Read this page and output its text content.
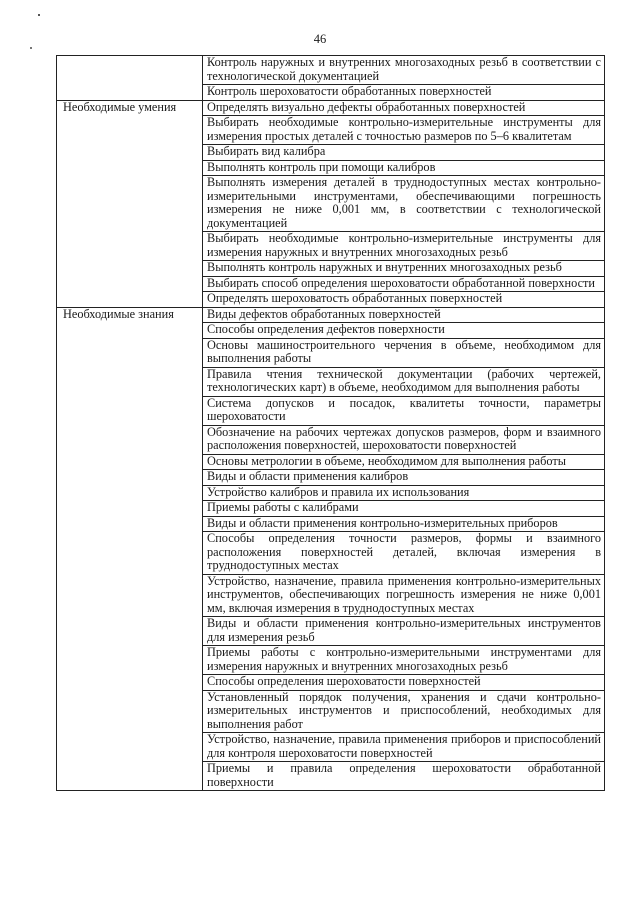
46
	Контроль наружных и внутренних многозаходных резьб в соответствии с технологической документацией
	Контроль шероховатости обработанных поверхностей
Необходимые умения	Определять визуально дефекты обработанных поверхностей
	Выбирать необходимые контрольно-измерительные инструменты для измерения простых деталей с точностью размеров по 5–6 квалитетам
	Выбирать вид калибра
	Выполнять контроль при помощи калибров
	Выполнять измерения деталей в труднодоступных местах контрольно-измерительными инструментами, обеспечивающими погрешность измерения не ниже 0,001 мм, в соответствии с технологической документацией
	Выбирать необходимые контрольно-измерительные инструменты для измерения наружных и внутренних многозаходных резьб
	Выполнять контроль наружных и внутренних многозаходных резьб
	Выбирать способ определения шероховатости обработанной поверхности
	Определять шероховатость обработанных поверхностей
Необходимые знания	Виды дефектов обработанных поверхностей
	Способы определения дефектов поверхности
	Основы машиностроительного черчения в объеме, необходимом для выполнения работы
	Правила чтения технической документации (рабочих чертежей, технологических карт) в объеме, необходимом для выполнения работы
	Система допусков и посадок, квалитеты точности, параметры шероховатости
	Обозначение на рабочих чертежах допусков размеров, форм и взаимного расположения поверхностей, шероховатости поверхностей
	Основы метрологии в объеме, необходимом для выполнения работы
	Виды и области применения калибров
	Устройство калибров и правила их использования
	Приемы работы с калибрами
	Виды и области применения контрольно-измерительных приборов
	Способы определения точности размеров, формы и взаимного расположения поверхностей деталей, включая измерения в труднодоступных местах
	Устройство, назначение, правила применения контрольно-измерительных инструментов, обеспечивающих погрешность измерения не ниже 0,001 мм, включая измерения в труднодоступных местах
	Виды и области применения контрольно-измерительных инструментов для измерения резьб
	Приемы работы с контрольно-измерительными инструментами для измерения наружных и внутренних многозаходных резьб
	Способы определения шероховатости поверхностей
	Установленный порядок получения, хранения и сдачи контрольно-измерительных инструментов и приспособлений, необходимых для выполнения работ
	Устройство, назначение, правила применения приборов и приспособлений для контроля шероховатости поверхностей
	Приемы и правила определения шероховатости обработанной поверхности
